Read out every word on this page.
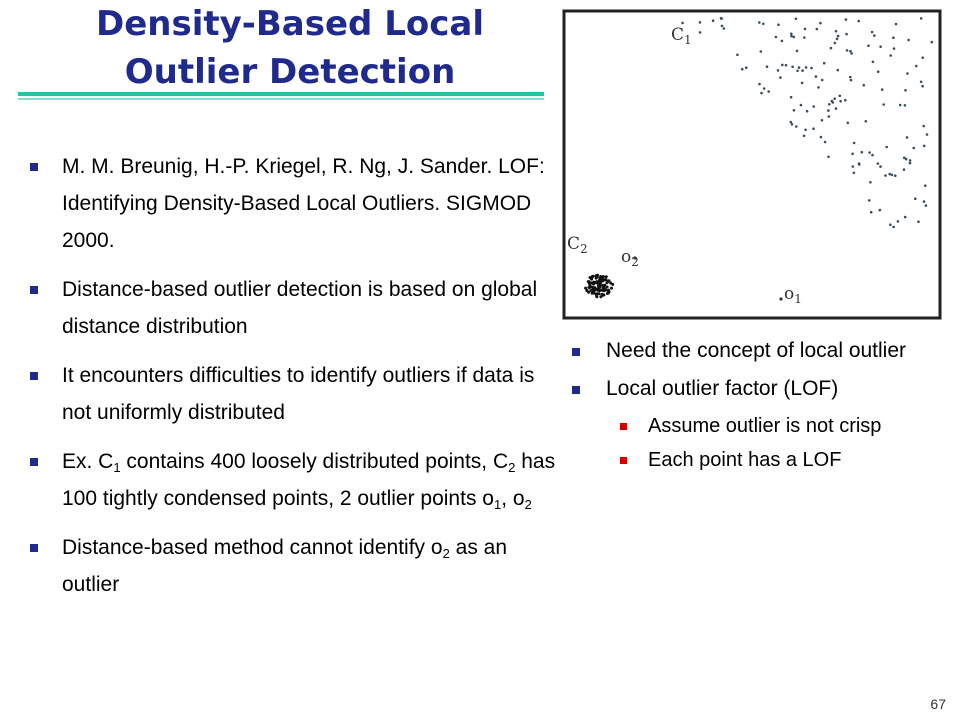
Density-Based Local
Outlier Detection
M. M. Breunig, H.-P. Kriegel, R. Ng, J. Sander. LOF: Identifying Density-Based Local Outliers. SIGMOD 2000.
Distance-based outlier detection is based on global distance distribution
It encounters difficulties to identify outliers if data is not uniformly distributed
Ex. $C_1$ contains 400 loosely distributed points, $C_2$ has 100 tightly condensed points, 2 outlier points $o_1$, $o_2$
Distance-based method cannot identify $o_2$ as an outlier
$C_1$
$C_2$ $o_2$
$o_1$
Need the concept of local outlier
Local outlier factor (LOF)
Assume outlier is not crisp
Each point has a LOF
67
